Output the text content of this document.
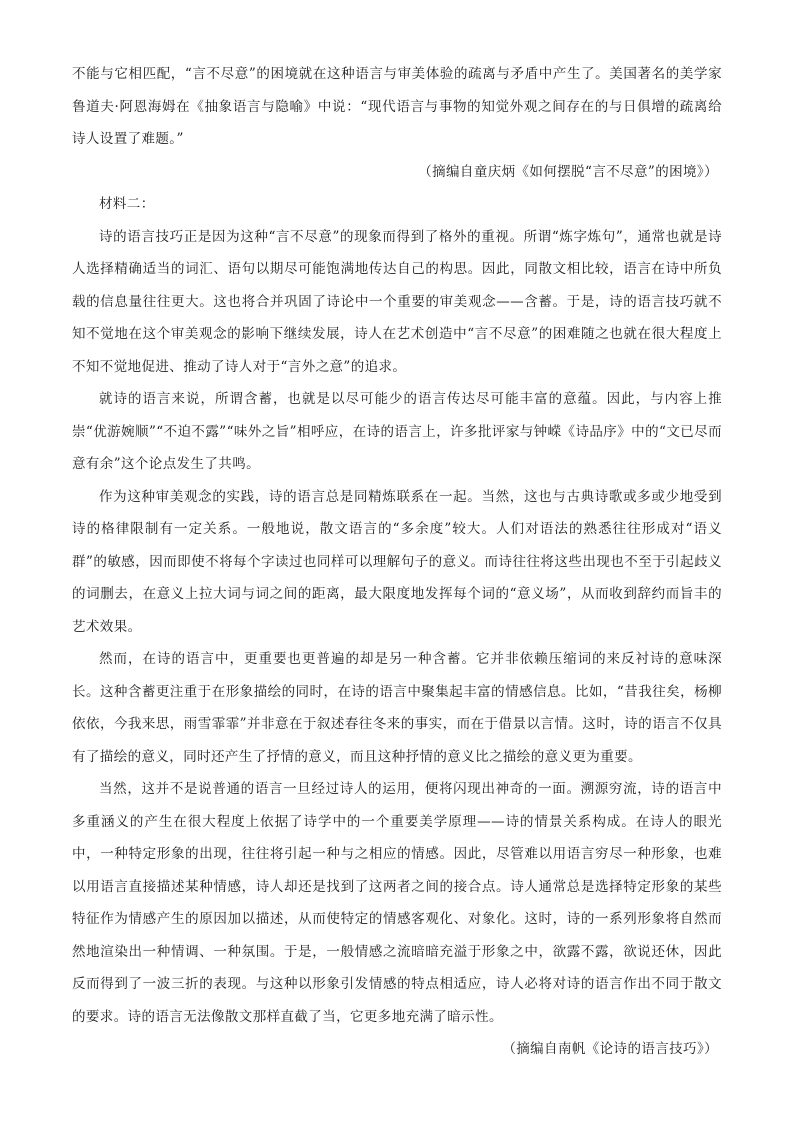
不能与它相匹配，“言不尽意”的困境就在这种语言与审美体验的疏离与矛盾中产生了。美国著名的美学家鲁道夫·阿恩海姆在《抽象语言与隐喻》中说：“现代语言与事物的知觉外观之间存在的与日俱增的疏离给诗人设置了难题。”

（摘编自童庆炳《如何摆脱“言不尽意”的困境》）

材料二：

诗的语言技巧正是因为这种“言不尽意”的现象而得到了格外的重视。所谓“炼字炼句”，通常也就是诗人选择精确适当的词汇、语句以期尽可能饱满地传达自己的构思。因此，同散文相比较，语言在诗中所负载的信息量往往更大。这也将合并巩固了诗论中一个重要的审美观念——含蓄。于是，诗的语言技巧就不知不觉地在这个审美观念的影响下继续发展，诗人在艺术创造中“言不尽意”的困难随之也就在很大程度上不知不觉地促进、推动了诗人对于“言外之意”的追求。

就诗的语言来说，所谓含蓄，也就是以尽可能少的语言传达尽可能丰富的意蕴。因此，与内容上推崇“优游婉顺”“不迫不露”“味外之旨”相呼应，在诗的语言上，许多批评家与钟嵘《诗品序》中的“文已尽而意有余”这个论点发生了共鸣。

作为这种审美观念的实践，诗的语言总是同精炼联系在一起。当然，这也与古典诗歌或多或少地受到诗的格律限制有一定关系。一般地说，散文语言的“多余度”较大。人们对语法的熟悉往往形成对“语义群”的敏感，因而即使不将每个字读过也同样可以理解句子的意义。而诗往往将这些出现也不至于引起歧义的词删去，在意义上拉大词与词之间的距离，最大限度地发挥每个词的“意义场”，从而收到辞约而旨丰的艺术效果。

然而，在诗的语言中，更重要也更普遍的却是另一种含蓄。它并非依赖压缩词的来反衬诗的意味深长。这种含蓄更注重于在形象描绘的同时，在诗的语言中聚集起丰富的情感信息。比如，“昔我往矣，杨柳依依，今我来思，雨雪霏霏”并非意在于叙述春往冬来的事实，而在于借景以言情。这时，诗的语言不仅具有了描绘的意义，同时还产生了抒情的意义，而且这种抒情的意义比之描绘的意义更为重要。

当然，这并不是说普通的语言一旦经过诗人的运用，便将闪现出神奇的一面。溯源穷流，诗的语言中多重涵义的产生在很大程度上依据了诗学中的一个重要美学原理——诗的情景关系构成。在诗人的眼光中，一种特定形象的出现，往往将引起一种与之相应的情感。因此，尽管难以用语言穷尽一种形象，也难以用语言直接描述某种情感，诗人却还是找到了这两者之间的接合点。诗人通常总是选择特定形象的某些特征作为情感产生的原因加以描述，从而使特定的情感客观化、对象化。这时，诗的一系列形象将自然而然地渲染出一种情调、一种氛围。于是，一般情感之流暗暗充溢于形象之中，欲露不露，欲说还休，因此反而得到了一波三折的表现。与这种以形象引发情感的特点相适应，诗人必将对诗的语言作出不同于散文的要求。诗的语言无法像散文那样直截了当，它更多地充满了暗示性。

（摘编自南帆《论诗的语言技巧》）
